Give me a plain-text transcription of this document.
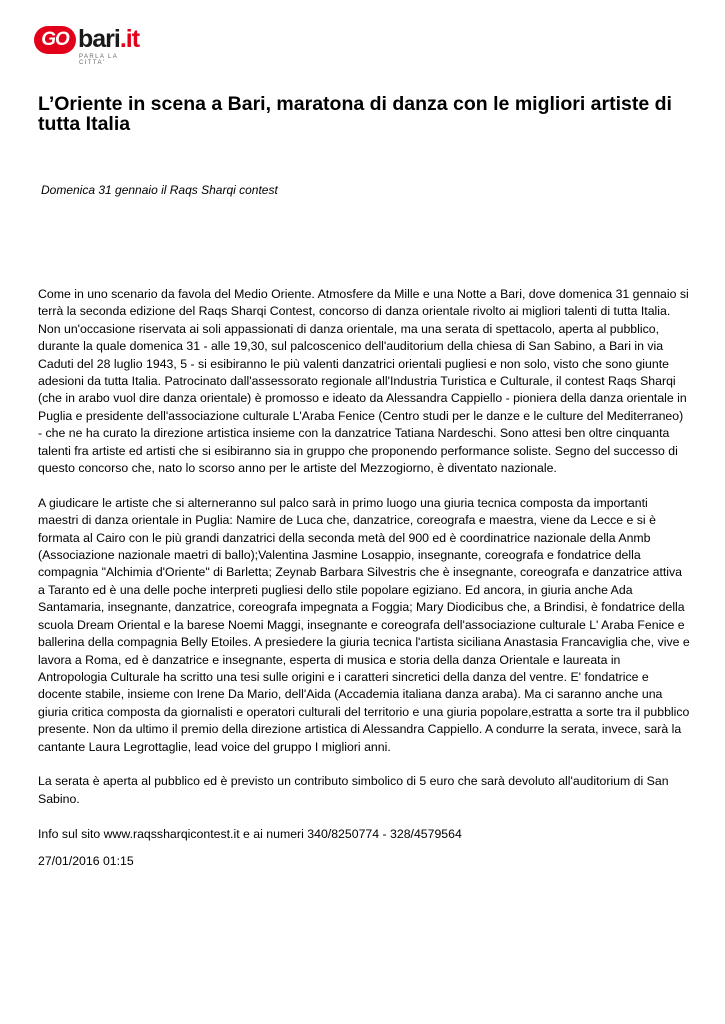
GO bari.it
PARLA LA CITTA'
L’Oriente in scena a Bari, maratona di danza con le migliori artiste di tutta Italia
Domenica 31 gennaio il Raqs Sharqi contest

Come in uno scenario da favola del Medio Oriente. Atmosfere da Mille e una Notte a Bari, dove domenica 31 gennaio si terrà la seconda edizione del Raqs Sharqi Contest, concorso di danza orientale rivolto ai migliori talenti di tutta Italia. Non un'occasione riservata ai soli appassionati di danza orientale, ma una serata di spettacolo, aperta al pubblico, durante la quale domenica 31 - alle 19,30, sul palcoscenico dell'auditorium della chiesa di San Sabino, a Bari in via Caduti del 28 luglio 1943, 5 - si esibiranno le più valenti danzatrici orientali pugliesi e non solo, visto che sono giunte adesioni da tutta Italia. Patrocinato dall'assessorato regionale all'Industria Turistica e Culturale, il contest Raqs Sharqi (che in arabo vuol dire danza orientale) è promosso e ideato da Alessandra Cappiello - pioniera della danza orientale in Puglia e presidente dell'associazione culturale L'Araba Fenice (Centro studi per le danze e le culture del Mediterraneo) - che ne ha curato la direzione artistica insieme con la danzatrice Tatiana Nardeschi. Sono attesi ben oltre cinquanta talenti fra artiste ed artisti che si esibiranno sia in gruppo che proponendo performance soliste. Segno del successo di questo concorso che, nato lo scorso anno per le artiste del Mezzogiorno, è diventato nazionale.

A giudicare le artiste che si alterneranno sul palco sarà in primo luogo una giuria tecnica composta da importanti maestri di danza orientale in Puglia: Namire de Luca che, danzatrice, coreografa e maestra, viene da Lecce e si è formata al Cairo con le più grandi danzatrici della seconda metà del 900 ed è coordinatrice nazionale della Anmb (Associazione nazionale maetri di ballo);Valentina Jasmine Losappio, insegnante, coreografa e fondatrice della compagnia "Alchimia d'Oriente" di Barletta; Zeynab Barbara Silvestris che è insegnante, coreografa e danzatrice attiva a Taranto ed è una delle poche interpreti pugliesi dello stile popolare egiziano. Ed ancora, in giuria anche Ada Santamaria, insegnante, danzatrice, coreografa impegnata a Foggia; Mary Diodicibus che, a Brindisi, è fondatrice della scuola Dream Oriental e la barese Noemi Maggi, insegnante e coreografa dell'associazione culturale L' Araba Fenice e ballerina della compagnia Belly Etoiles. A presiedere la giuria tecnica l'artista siciliana Anastasia Francaviglia che, vive e lavora a Roma, ed è danzatrice e insegnante, esperta di musica e storia della danza Orientale e laureata in Antropologia Culturale ha scritto una tesi sulle origini e i caratteri sincretici della danza del ventre. E' fondatrice e docente stabile, insieme con Irene Da Mario, dell'Aida (Accademia italiana danza araba). Ma ci saranno anche una giuria critica composta da giornalisti e operatori culturali del territorio e una giuria popolare,estratta a sorte tra il pubblico presente. Non da ultimo il premio della direzione artistica di Alessandra Cappiello. A condurre la serata, invece, sarà la cantante Laura Legrottaglie, lead voice del gruppo I migliori anni.

La serata è aperta al pubblico ed è previsto un contributo simbolico di 5 euro che sarà devoluto all'auditorium di San Sabino.

Info sul sito www.raqssharqicontest.it e ai numeri 340/8250774 - 328/4579564

27/01/2016 01:15
